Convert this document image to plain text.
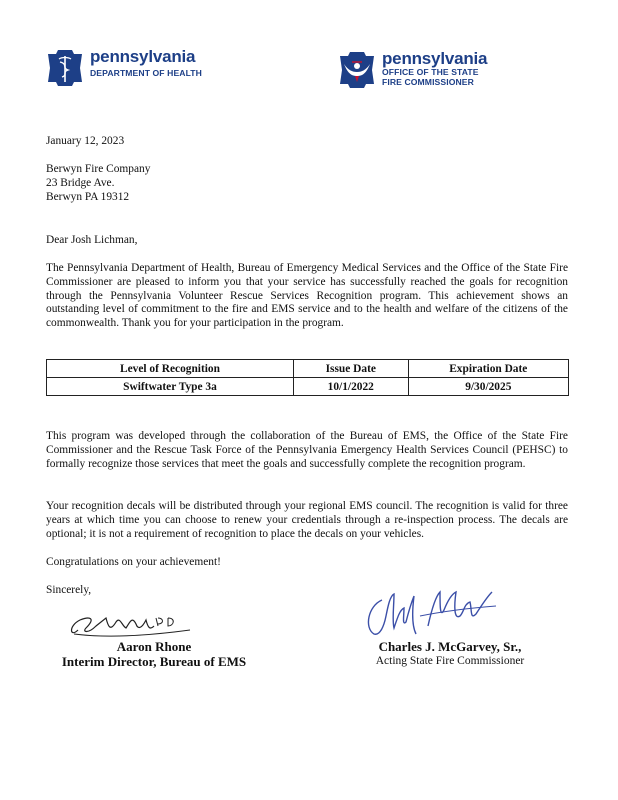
pennsylvania
DEPARTMENT OF HEALTH
pennsylvania
OFFICE OF THE STATE
FIRE COMMISSIONER
January 12, 2023
Berwyn Fire Company
23 Bridge Ave.
Berwyn PA 19312
Dear Josh Lichman,
The Pennsylvania Department of Health, Bureau of Emergency Medical Services and the Office of the State Fire Commissioner are pleased to inform you that your service has successfully reached the goals for recognition through the Pennsylvania Volunteer Rescue Services Recognition program. This achievement shows an outstanding level of commitment to the fire and EMS service and to the health and welfare of the citizens of the commonwealth. Thank you for your participation in the program.
Level of Recognition	Issue Date	Expiration Date
Swiftwater Type 3a	10/1/2022	9/30/2025
This program was developed through the collaboration of the Bureau of EMS, the Office of the State Fire Commissioner and the Rescue Task Force of the Pennsylvania Emergency Health Services Council (PEHSC) to formally recognize those services that meet the goals and successfully complete the recognition program.
Your recognition decals will be distributed through your regional EMS council. The recognition is valid for three years at which time you can choose to renew your credentials through a re-inspection process. The decals are optional; it is not a requirement of recognition to place the decals on your vehicles.
Congratulations on your achievement!
Sincerely,
Aaron Rhone
Interim Director, Bureau of EMS
Charles J. McGarvey, Sr.,
Acting State Fire Commissioner
